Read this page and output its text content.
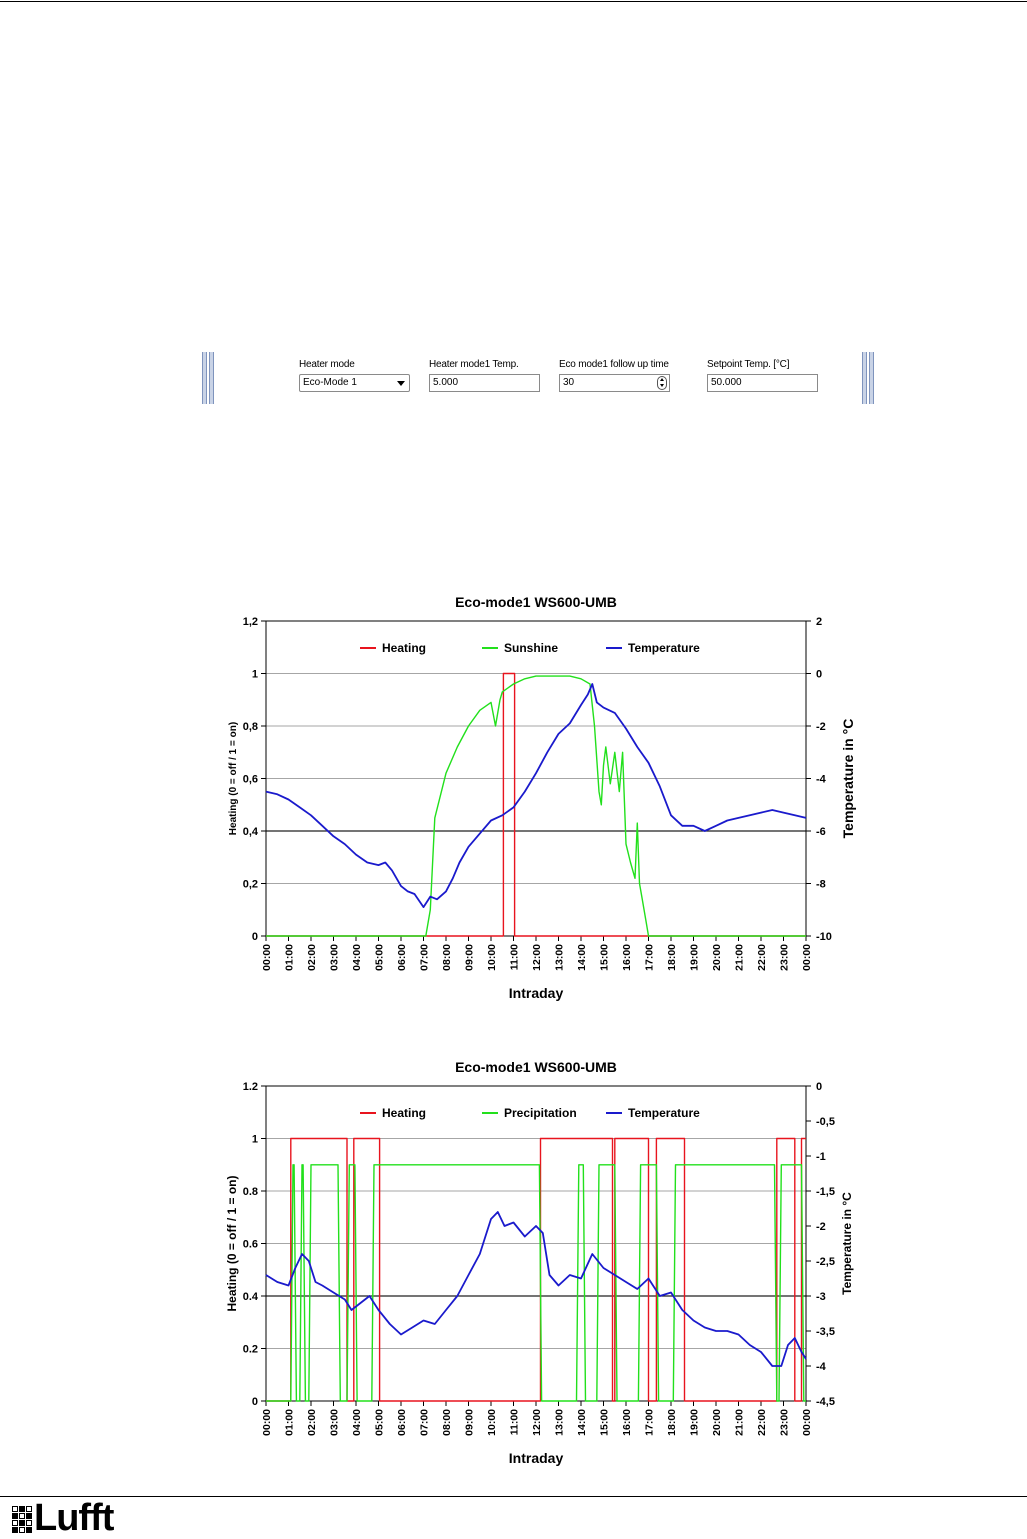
Heater mode
Eco-Mode 1
Heater mode1 Temp.
5.000
Eco mode1 follow up time
30
Setpoint Temp. [°C]
50.000
0
0,2
0,4
0,6
0,8
1
1,2
-10
-8
-6
-4
-2
0
2
00:00 01:00 02:00 03:00 04:00 05:00 06:00 07:00 08:00 09:00 10:00 11:00 12:00 13:00 14:00 15:00 16:00 17:00 18:00 19:00 20:00 21:00 22:00 23:00 00:00
Heating	Sunshine	Temperature
Eco-mode1 WS600-UMB
Intraday
Heating (0 = off / 1 = on)	Temperature in °C
0
0.2
0.4
0.6
0.8
1
1.2
-4,5
-4
-3,5
-3
-2,5
-2
-1,5
-1
-0,5
0
00:00 01:00 02:00 03:00 04:00 05:00 06:00 07:00 08:00 09:00 10:00 11:00 12:00 13:00 14:00 15:00 16:00 17:00 18:00 19:00 20:00 21:00 22:00 23:00 00:00
Heating	Precipitation	Temperature
Eco-mode1 WS600-UMB
Intraday
Heating (0 = off / 1 = on)	Temperature in °C
Lufft
